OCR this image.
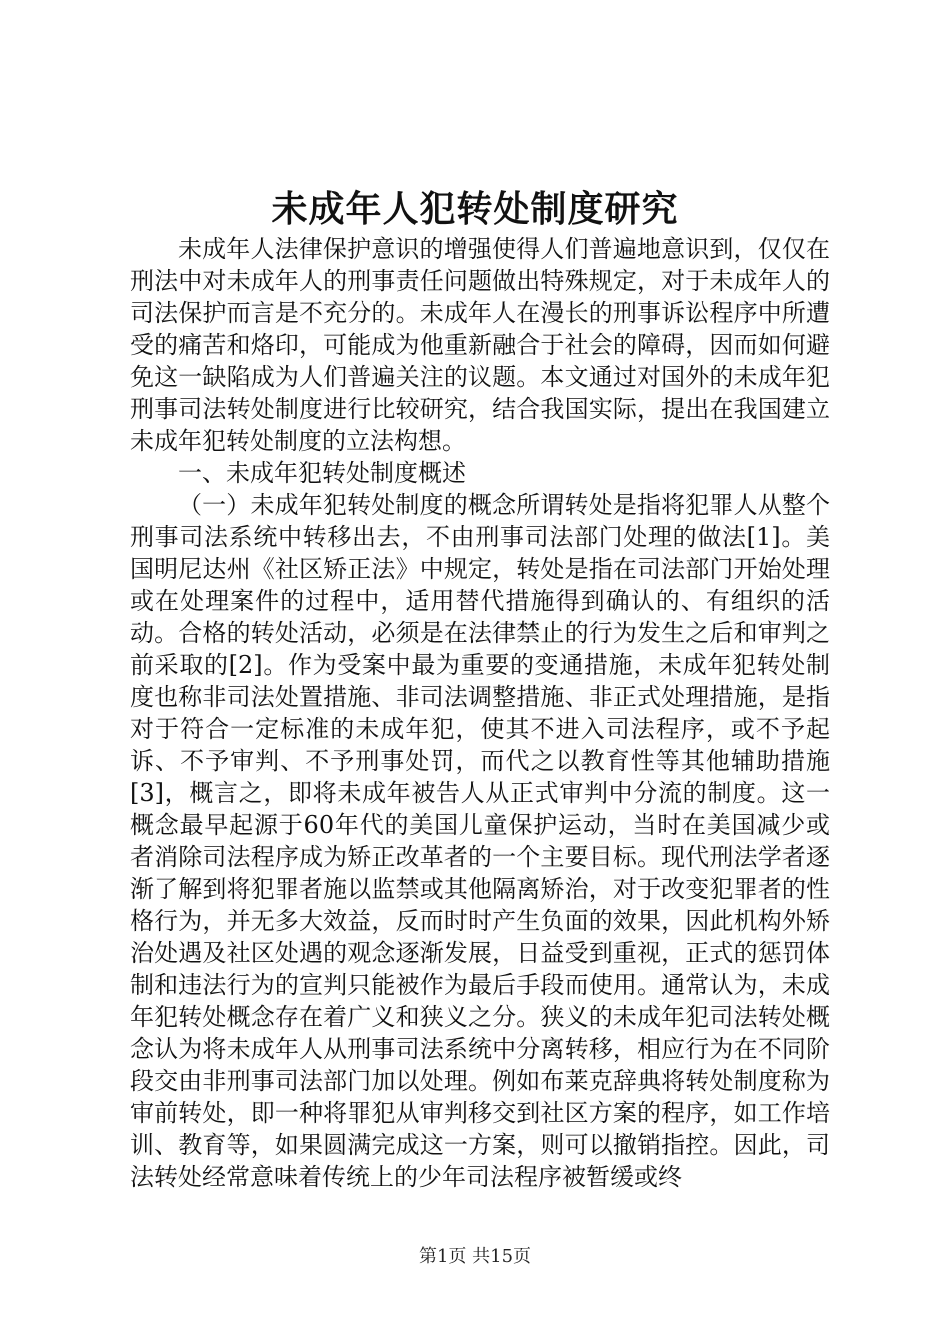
未成年人犯转处制度研究

未成年人法律保护意识的增强使得人们普遍地意识到，仅仅在刑法中对未成年人的刑事责任问题做出特殊规定，对于未成年人的司法保护而言是不充分的。未成年人在漫长的刑事诉讼程序中所遭受的痛苦和烙印，可能成为他重新融合于社会的障碍，因而如何避免这一缺陷成为人们普遍关注的议题。本文通过对国外的未成年犯刑事司法转处制度进行比较研究，结合我国实际，提出在我国建立未成年犯转处制度的立法构想。

一、未成年犯转处制度概述

（一）未成年犯转处制度的概念所谓转处是指将犯罪人从整个刑事司法系统中转移出去，不由刑事司法部门处理的做法[1]。美国明尼达州《社区矫正法》中规定，转处是指在司法部门开始处理或在处理案件的过程中，适用替代措施得到确认的、有组织的活动。合格的转处活动，必须是在法律禁止的行为发生之后和审判之前采取的[2]。作为受案中最为重要的变通措施，未成年犯转处制度也称非司法处置措施、非司法调整措施、非正式处理措施，是指对于符合一定标准的未成年犯，使其不进入司法程序，或不予起诉、不予审判、不予刑事处罚，而代之以教育性等其他辅助措施[3]，概言之，即将未成年被告人从正式审判中分流的制度。这一概念最早起源于60年代的美国儿童保护运动，当时在美国减少或者消除司法程序成为矫正改革者的一个主要目标。现代刑法学者逐渐了解到将犯罪者施以监禁或其他隔离矫治，对于改变犯罪者的性格行为，并无多大效益，反而时时产生负面的效果，因此机构外矫治处遇及社区处遇的观念逐渐发展，日益受到重视，正式的惩罚体制和违法行为的宣判只能被作为最后手段而使用。通常认为，未成年犯转处概念存在着广义和狭义之分。狭义的未成年犯司法转处概念认为将未成年人从刑事司法系统中分离转移，相应行为在不同阶段交由非刑事司法部门加以处理。例如布莱克辞典将转处制度称为审前转处，即一种将罪犯从审判移交到社区方案的程序，如工作培训、教育等，如果圆满完成这一方案，则可以撤销指控。因此，司法转处经常意味着传统上的少年司法程序被暂缓或终

第1页 共15页
